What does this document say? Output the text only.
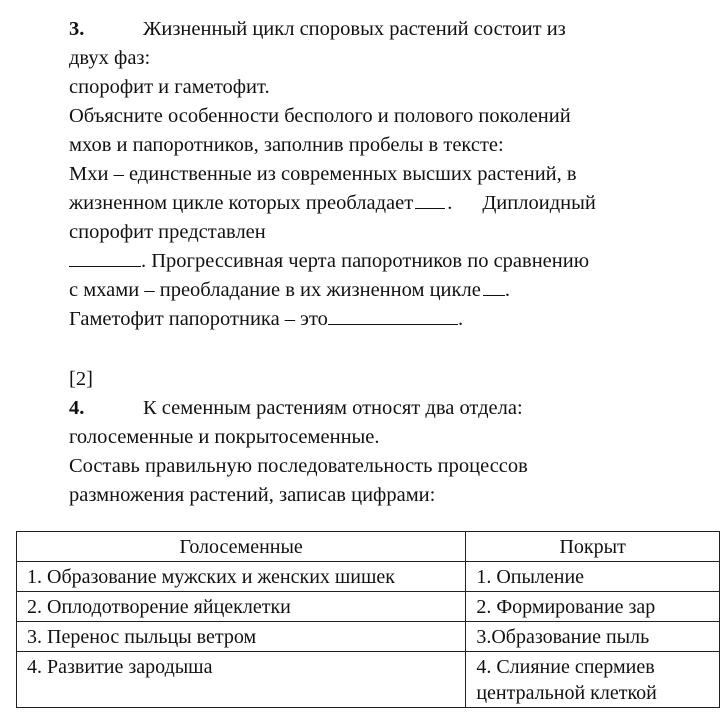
3.	Жизненный цикл споровых растений состоит из
двух фаз:
спорофит и гаметофит.
Объясните особенности бесполого и полового поколений
мхов и папоротников, заполнив пробелы в тексте:
Мхи – единственные из современных высших растений, в
жизненном цикле которых преобладает . Диплоидный
спорофит представлен
. Прогрессивная черта папоротников по сравнению
с мхами – преобладание в их жизненном цикле .
Гаметофит папоротника – это	.
[2]
4.	К семенным растениям относят два отдела:
голосеменные и покрытосеменные.
Составь правильную последовательность процессов
размножения растений, записав цифрами:
Голосеменные	Покрыт
1. Образование мужских и женских шишек	1. Опыление
2. Оплодотворение яйцеклетки	2. Формирование зар
3. Перенос пыльцы ветром	3.Образование пыль
4. Развитие зародыша	4. Слияние спермиев
центральной клеткой
